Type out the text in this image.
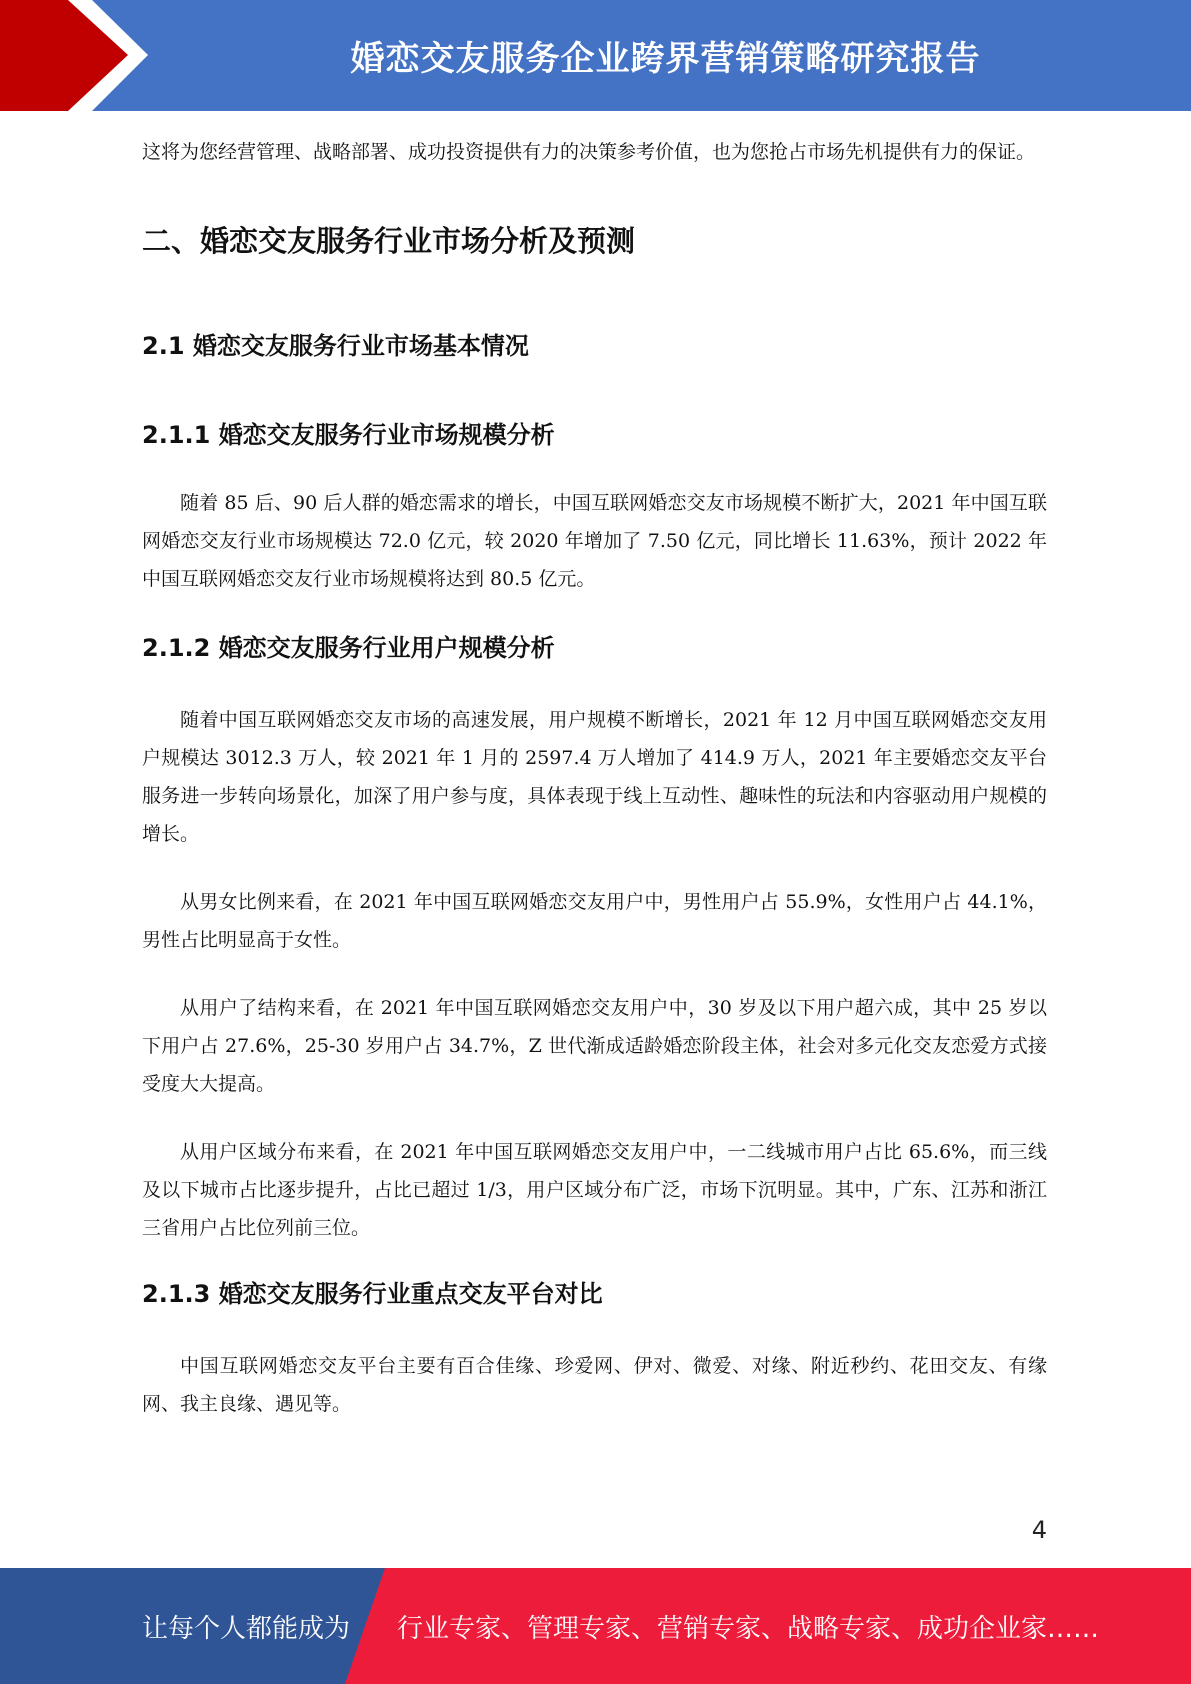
婚恋交友服务企业跨界营销策略研究报告

这将为您经营管理、战略部署、成功投资提供有力的决策参考价值，也为您抢占市场先机提供有力的保证。

二、婚恋交友服务行业市场分析及预测
2.1 婚恋交友服务行业市场基本情况
2.1.1 婚恋交友服务行业市场规模分析

随着 85 后、90 后人群的婚恋需求的增长，中国互联网婚恋交友市场规模不断扩大，2021 年中国互联网婚恋交友行业市场规模达 72.0 亿元，较 2020 年增加了 7.50 亿元，同比增长 11.63%，预计 2022 年中国互联网婚恋交友行业市场规模将达到 80.5 亿元。

2.1.2 婚恋交友服务行业用户规模分析

随着中国互联网婚恋交友市场的高速发展，用户规模不断增长，2021 年 12 月中国互联网婚恋交友用户规模达 3012.3 万人，较 2021 年 1 月的 2597.4 万人增加了 414.9 万人，2021 年主要婚恋交友平台服务进一步转向场景化，加深了用户参与度，具体表现于线上互动性、趣味性的玩法和内容驱动用户规模的增长。

从男女比例来看，在 2021 年中国互联网婚恋交友用户中，男性用户占 55.9%，女性用户占 44.1%，男性占比明显高于女性。

从用户了结构来看，在 2021 年中国互联网婚恋交友用户中，30 岁及以下用户超六成，其中 25 岁以下用户占 27.6%，25-30 岁用户占 34.7%，Z 世代渐成适龄婚恋阶段主体，社会对多元化交友恋爱方式接受度大大提高。

从用户区域分布来看，在 2021 年中国互联网婚恋交友用户中，一二线城市用户占比 65.6%，而三线及以下城市占比逐步提升，占比已超过 1/3，用户区域分布广泛，市场下沉明显。其中，广东、江苏和浙江三省用户占比位列前三位。

2.1.3 婚恋交友服务行业重点交友平台对比

中国互联网婚恋交友平台主要有百合佳缘、珍爱网、伊对、微爱、对缘、附近秒约、花田交友、有缘网、我主良缘、遇见等。

4
让每个人都能成为 行业专家、管理专家、营销专家、战略专家、成功企业家……
